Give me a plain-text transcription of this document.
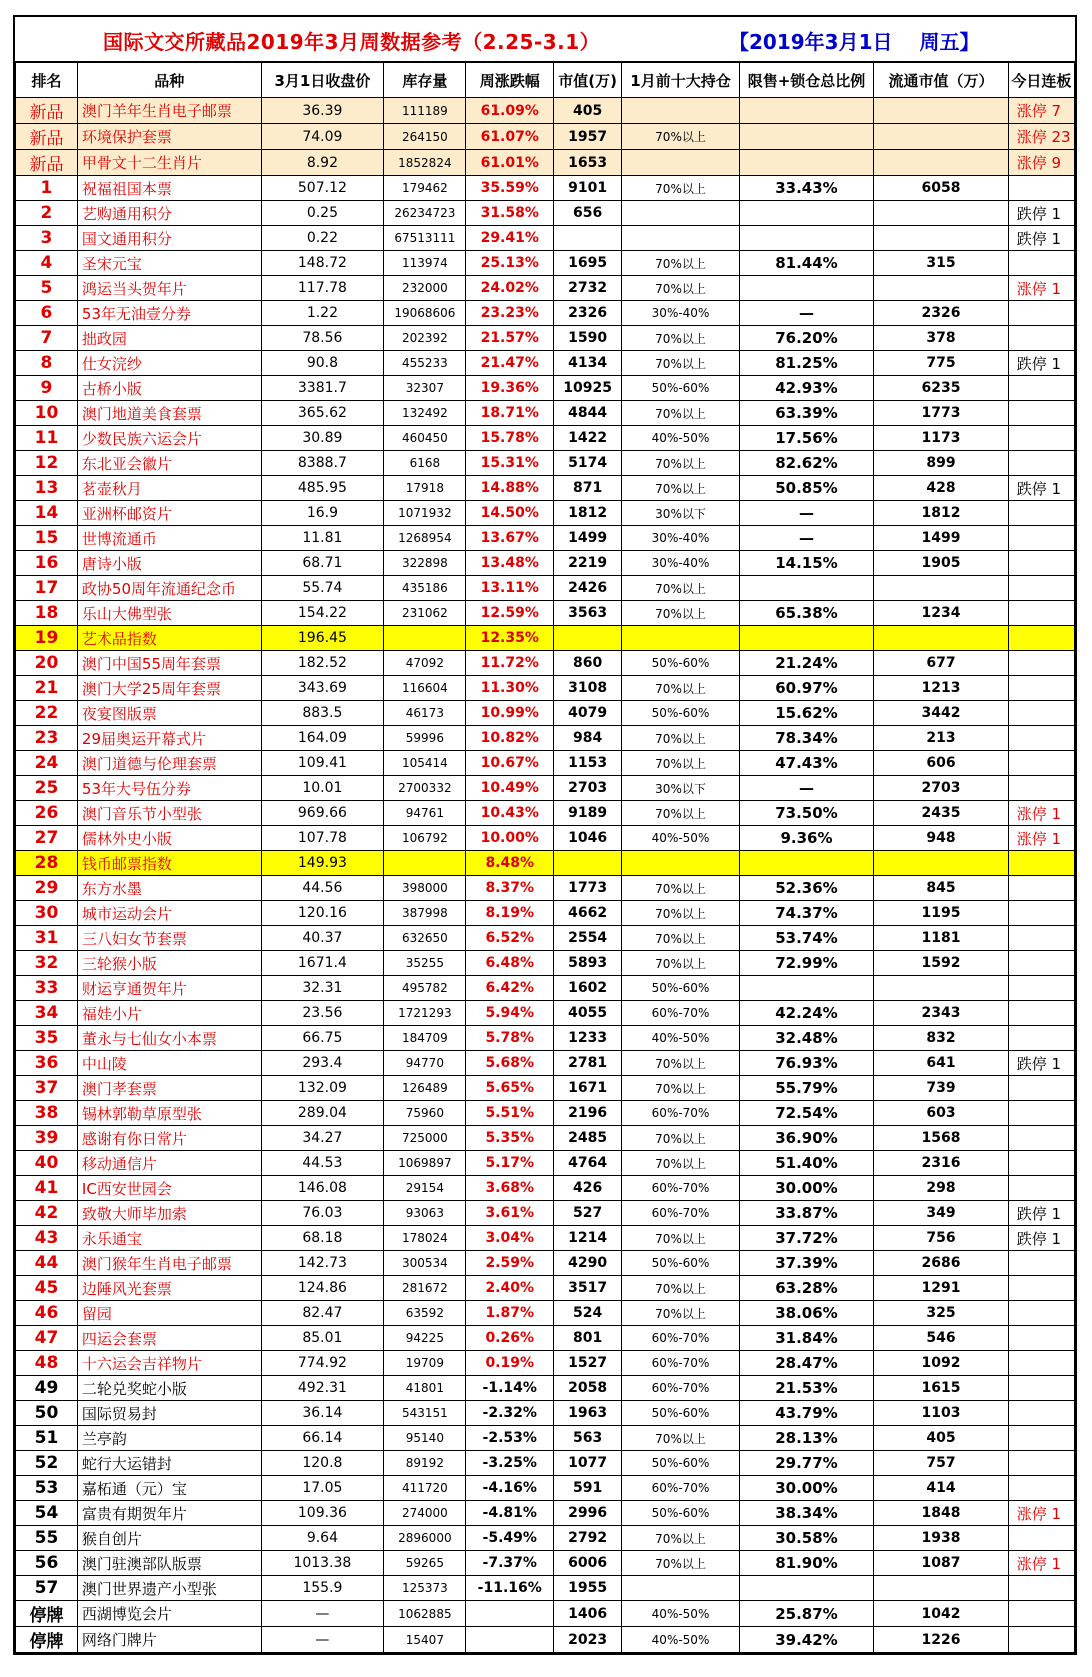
国际文交所藏品2019年3月周数据参考（2.25-3.1）	【2019年3月1日　 周五】
排名	品种	3月1日收盘价	库存量	周涨跌幅	市值(万)	1月前十大持仓	限售+锁仓总比例	流通市值（万）	今日连板
新品	澳门羊年生肖电子邮票	36.39	111189	61.09%	405				涨停 7
新品	环境保护套票	74.09	264150	61.07%	1957	70%以上			涨停 23
新品	甲骨文十二生肖片	8.92	1852824	61.01%	1653				涨停 9
1	祝福祖国本票	507.12	179462	35.59%	9101	70%以上	33.43%	6058	
2	艺购通用积分	0.25	26234723	31.58%	656				跌停 1
3	国文通用积分	0.22	67513111	29.41%					跌停 1
4	圣宋元宝	148.72	113974	25.13%	1695	70%以上	81.44%	315	
5	鸿运当头贺年片	117.78	232000	24.02%	2732	70%以上			涨停 1
6	53年无油壹分券	1.22	19068606	23.23%	2326	30%-40%	—	2326	
7	拙政园	78.56	202392	21.57%	1590	70%以上	76.20%	378	
8	仕女浣纱	90.8	455233	21.47%	4134	70%以上	81.25%	775	跌停 1
9	古桥小版	3381.7	32307	19.36%	10925	50%-60%	42.93%	6235	
10	澳门地道美食套票	365.62	132492	18.71%	4844	70%以上	63.39%	1773	
11	少数民族六运会片	30.89	460450	15.78%	1422	40%-50%	17.56%	1173	
12	东北亚会徽片	8388.7	6168	15.31%	5174	70%以上	82.62%	899	
13	茗壶秋月	485.95	17918	14.88%	871	70%以上	50.85%	428	跌停 1
14	亚洲杯邮资片	16.9	1071932	14.50%	1812	30%以下	—	1812	
15	世博流通币	11.81	1268954	13.67%	1499	30%-40%	—	1499	
16	唐诗小版	68.71	322898	13.48%	2219	30%-40%	14.15%	1905	
17	政协50周年流通纪念币	55.74	435186	13.11%	2426	70%以上			
18	乐山大佛型张	154.22	231062	12.59%	3563	70%以上	65.38%	1234	
19	艺术品指数	196.45		12.35%					
20	澳门中国55周年套票	182.52	47092	11.72%	860	50%-60%	21.24%	677	
21	澳门大学25周年套票	343.69	116604	11.30%	3108	70%以上	60.97%	1213	
22	夜宴图版票	883.5	46173	10.99%	4079	50%-60%	15.62%	3442	
23	29届奥运开幕式片	164.09	59996	10.82%	984	70%以上	78.34%	213	
24	澳门道德与伦理套票	109.41	105414	10.67%	1153	70%以上	47.43%	606	
25	53年大号伍分券	10.01	2700332	10.49%	2703	30%以下	—	2703	
26	澳门音乐节小型张	969.66	94761	10.43%	9189	70%以上	73.50%	2435	涨停 1
27	儒林外史小版	107.78	106792	10.00%	1046	40%-50%	9.36%	948	涨停 1
28	钱币邮票指数	149.93		8.48%					
29	东方水墨	44.56	398000	8.37%	1773	70%以上	52.36%	845	
30	城市运动会片	120.16	387998	8.19%	4662	70%以上	74.37%	1195	
31	三八妇女节套票	40.37	632650	6.52%	2554	70%以上	53.74%	1181	
32	三轮猴小版	1671.4	35255	6.48%	5893	70%以上	72.99%	1592	
33	财运亨通贺年片	32.31	495782	6.42%	1602	50%-60%			
34	福娃小片	23.56	1721293	5.94%	4055	60%-70%	42.24%	2343	
35	董永与七仙女小本票	66.75	184709	5.78%	1233	40%-50%	32.48%	832	
36	中山陵	293.4	94770	5.68%	2781	70%以上	76.93%	641	跌停 1
37	澳门孝套票	132.09	126489	5.65%	1671	70%以上	55.79%	739	
38	锡林郭勒草原型张	289.04	75960	5.51%	2196	60%-70%	72.54%	603	
39	感谢有你日常片	34.27	725000	5.35%	2485	70%以上	36.90%	1568	
40	移动通信片	44.53	1069897	5.17%	4764	70%以上	51.40%	2316	
41	IC西安世园会	146.08	29154	3.68%	426	60%-70%	30.00%	298	
42	致敬大师毕加索	76.03	93063	3.61%	527	60%-70%	33.87%	349	跌停 1
43	永乐通宝	68.18	178024	3.04%	1214	70%以上	37.72%	756	跌停 1
44	澳门猴年生肖电子邮票	142.73	300534	2.59%	4290	50%-60%	37.39%	2686	
45	边陲风光套票	124.86	281672	2.40%	3517	70%以上	63.28%	1291	
46	留园	82.47	63592	1.87%	524	70%以上	38.06%	325	
47	四运会套票	85.01	94225	0.26%	801	60%-70%	31.84%	546	
48	十六运会吉祥物片	774.92	19709	0.19%	1527	60%-70%	28.47%	1092	
49	二轮兑奖蛇小版	492.31	41801	-1.14%	2058	60%-70%	21.53%	1615	
50	国际贸易封	36.14	543151	-2.32%	1963	50%-60%	43.79%	1103	
51	兰亭韵	66.14	95140	-2.53%	563	70%以上	28.13%	405	
52	蛇行大运错封	120.8	89192	-3.25%	1077	50%-60%	29.77%	757	
53	嘉柘通（元）宝	17.05	411720	-4.16%	591	60%-70%	30.00%	414	
54	富贵有期贺年片	109.36	274000	-4.81%	2996	50%-60%	38.34%	1848	涨停 1
55	猴自创片	9.64	2896000	-5.49%	2792	70%以上	30.58%	1938	
56	澳门驻澳部队版票	1013.38	59265	-7.37%	6006	70%以上	81.90%	1087	涨停 1
57	澳门世界遗产小型张	155.9	125373	-11.16%	1955				
停牌	西湖博览会片	—	1062885		1406	40%-50%	25.87%	1042	
停牌	网络门牌片	—	15407		2023	40%-50%	39.42%	1226	
